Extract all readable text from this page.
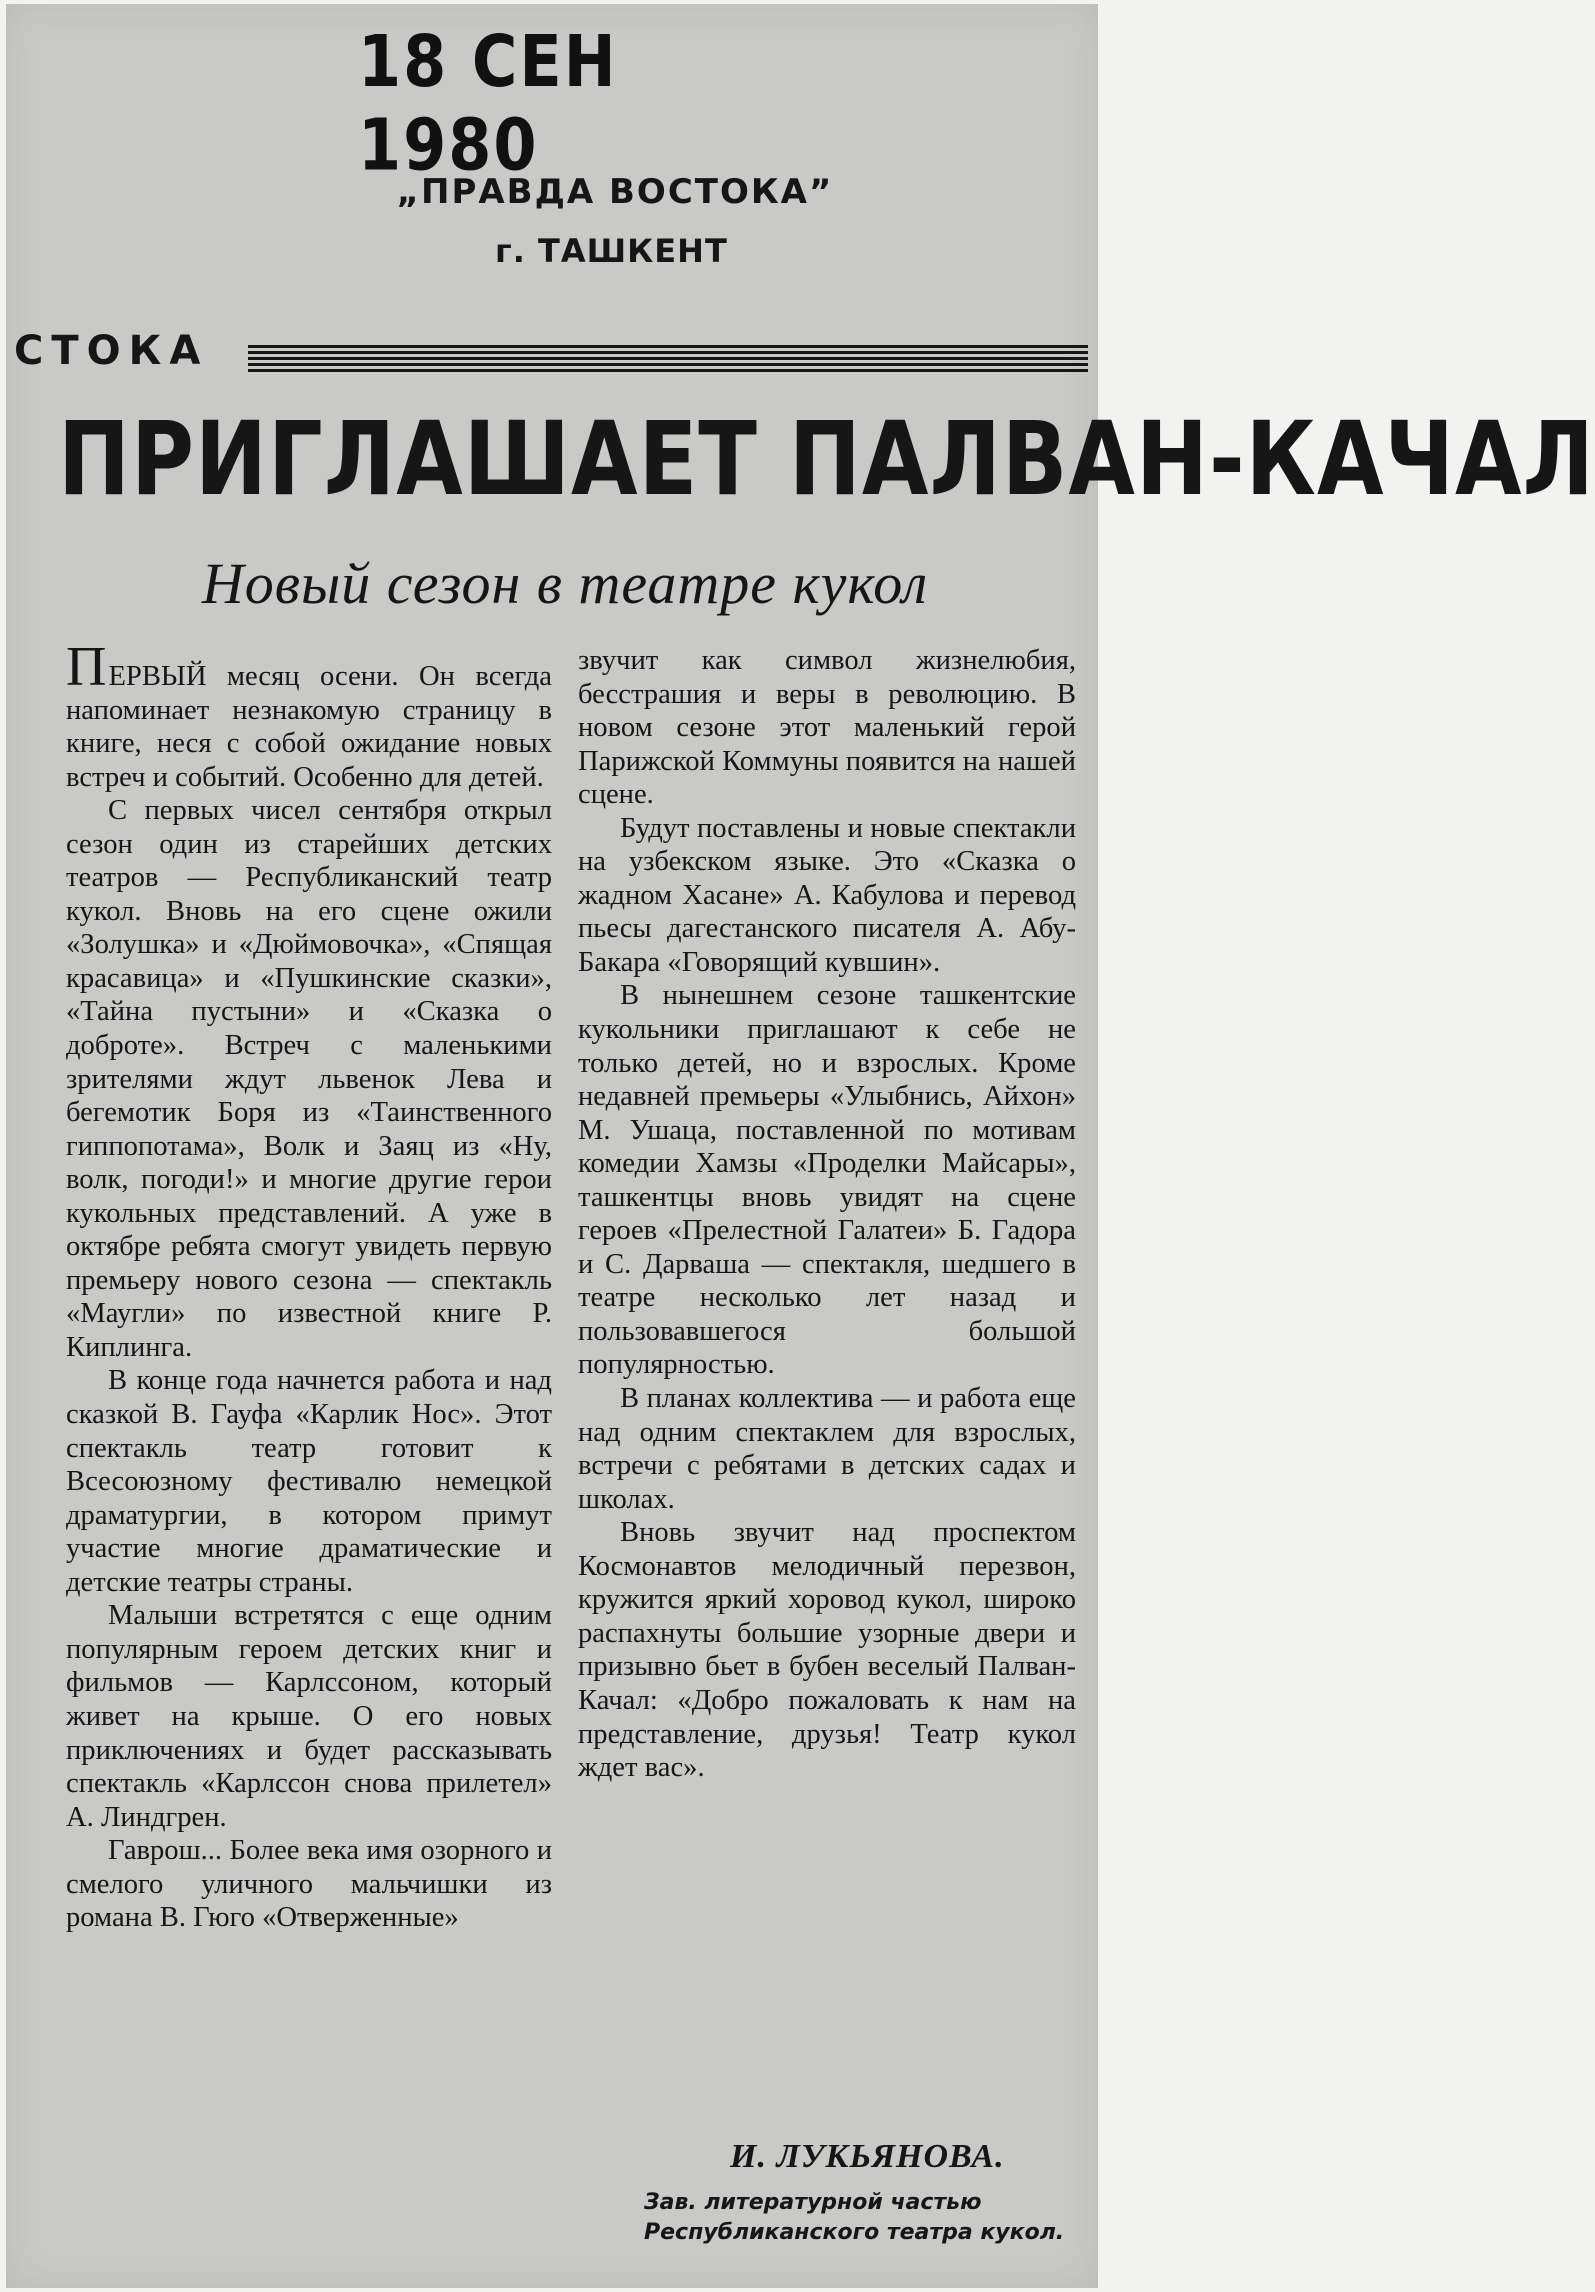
18 СЕН 1980
„ПРАВДА ВОСТОКА”
г. ТАШКЕНТ
СТОКА
ПРИГЛАШАЕТ ПАЛВАН-КАЧАЛ
Новый сезон в театре кукол

ПЕРВЫЙ месяц осени. Он всегда напоминает незнакомую страницу в книге, неся с собой ожидание новых встреч и событий. Особенно для детей.

С первых чисел сентября открыл сезон один из старейших детских театров — Республиканский театр кукол. Вновь на его сцене ожили «Золушка» и «Дюймовочка», «Спящая красавица» и «Пушкинские сказки», «Тайна пустыни» и «Сказка о доброте». Встреч с маленькими зрителями ждут львенок Лева и бегемотик Боря из «Таинственного гиппопотама», Волк и Заяц из «Ну, волк, погоди!» и многие другие герои кукольных представлений. А уже в октябре ребята смогут увидеть первую премьеру нового сезона — спектакль «Маугли» по известной книге Р. Киплинга.

В конце года начнется работа и над сказкой В. Гауфа «Карлик Нос». Этот спектакль театр готовит к Всесоюзному фестивалю немецкой драматургии, в котором примут участие многие драматические и детские театры страны.

Малыши встретятся с еще одним популярным героем детских книг и фильмов — Карлссоном, который живет на крыше. О его новых приключениях и будет рассказывать спектакль «Карлссон снова прилетел» А. Линдгрен.

Гаврош... Более века имя озорного и смелого уличного мальчишки из романа В. Гюго «Отверженные»

звучит как символ жизнелюбия, бесстрашия и веры в революцию. В новом сезоне этот маленький герой Парижской Коммуны появится на нашей сцене.

Будут поставлены и новые спектакли на узбекском языке. Это «Сказка о жадном Хасане» А. Кабулова и перевод пьесы дагестанского писателя А. Абу-Бакара «Говорящий кувшин».

В нынешнем сезоне ташкентские кукольники приглашают к себе не только детей, но и взрослых. Кроме недавней премьеры «Улыбнись, Айхон» М. Ушаца, поставленной по мотивам комедии Хамзы «Проделки Майсары», ташкентцы вновь увидят на сцене героев «Прелестной Галатеи» Б. Гадора и С. Дарваша — спектакля, шедшего в театре несколько лет назад и пользовавшегося большой популярностью.

В планах коллектива — и работа еще над одним спектаклем для взрослых, встречи с ребятами в детских садах и школах.

Вновь звучит над проспектом Космонавтов мелодичный перезвон, кружится яркий хоровод кукол, широко распахнуты большие узорные двери и призывно бьет в бубен веселый Палван-Качал: «Добро пожаловать к нам на представление, друзья! Театр кукол ждет вас».

И. ЛУКЬЯНОВА.
Зав. литературной частью Республиканского театра кукол.
